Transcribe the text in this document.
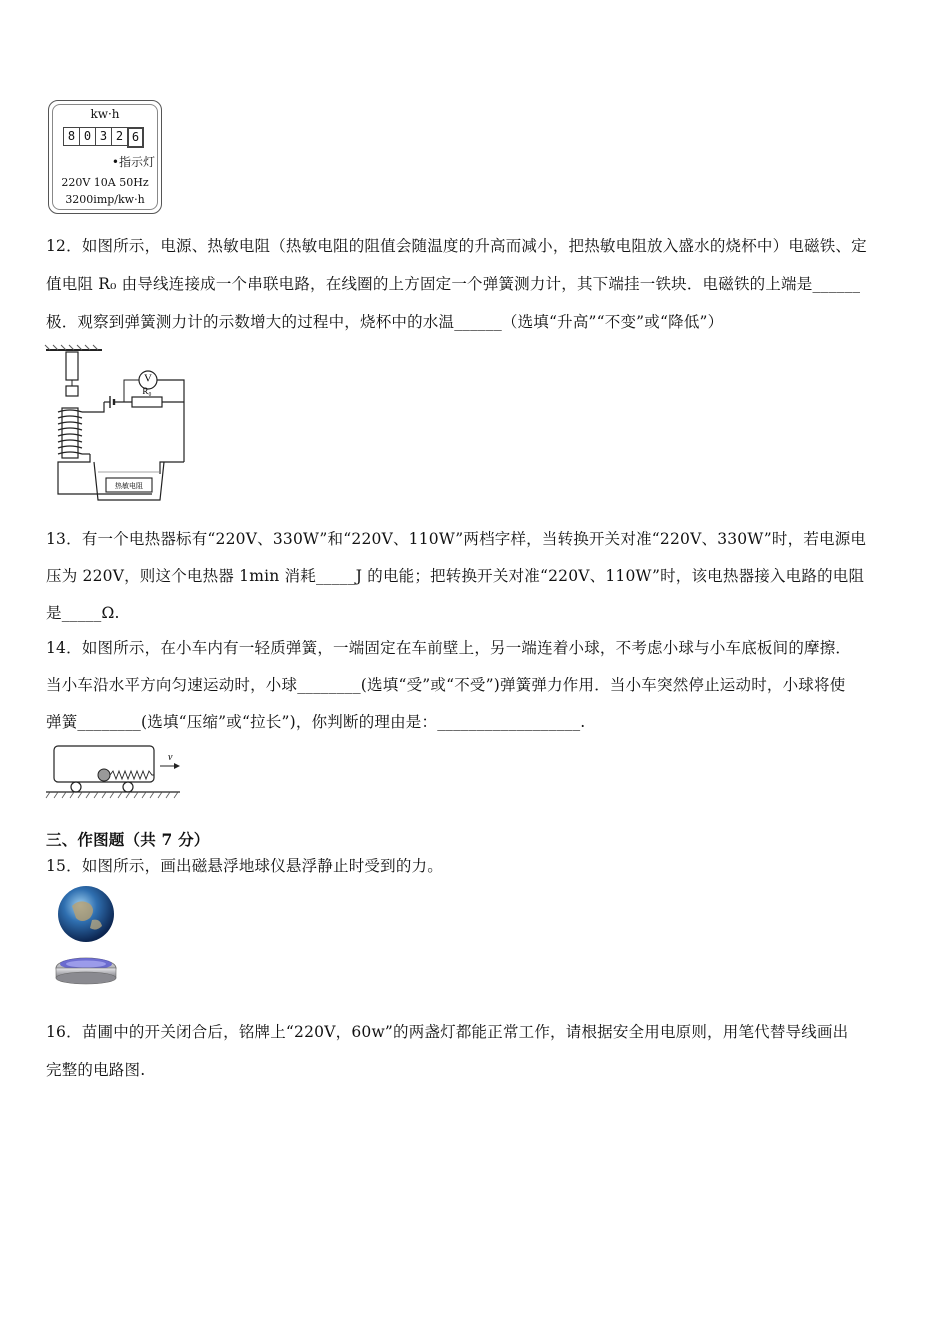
kw·h
8 0 3 2 6
•指示灯
220V 10A 50Hz
3200imp/kw·h
12．如图所示，电源、热敏电阻（热敏电阻的阻值会随温度的升高而减小，把热敏电阻放入盛水的烧杯中）电磁铁、定
值电阻 R₀ 由导线连接成一个串联电路，在线圈的上方固定一个弹簧测力计，其下端挂一铁块．电磁铁的上端是______
极．观察到弹簧测力计的示数增大的过程中，烧杯中的水温______（选填“升高”“不变”或“降低”）
V
R₀
热敏电阻
13．有一个电热器标有“220V、330W”和“220V、110W”两档字样，当转换开关对准“220V、330W”时，若电源电
压为 220V，则这个电热器 1min 消耗_____J 的电能；把转换开关对准“220V、110W”时，该电热器接入电路的电阻
是_____Ω.
14．如图所示，在小车内有一轻质弹簧，一端固定在车前壁上，另一端连着小球，不考虑小球与小车底板间的摩擦．
当小车沿水平方向匀速运动时，小球________(选填“受”或“不受”)弹簧弹力作用．当小车突然停止运动时，小球将使
弹簧________(选填“压缩”或“拉长”)，你判断的理由是：__________________.
v
三、作图题（共 7 分）
15．如图所示，画出磁悬浮地球仪悬浮静止时受到的力。
16．苗圃中的开关闭合后，铭牌上“220V，60w”的两盏灯都能正常工作，请根据安全用电原则，用笔代替导线画出
完整的电路图.
